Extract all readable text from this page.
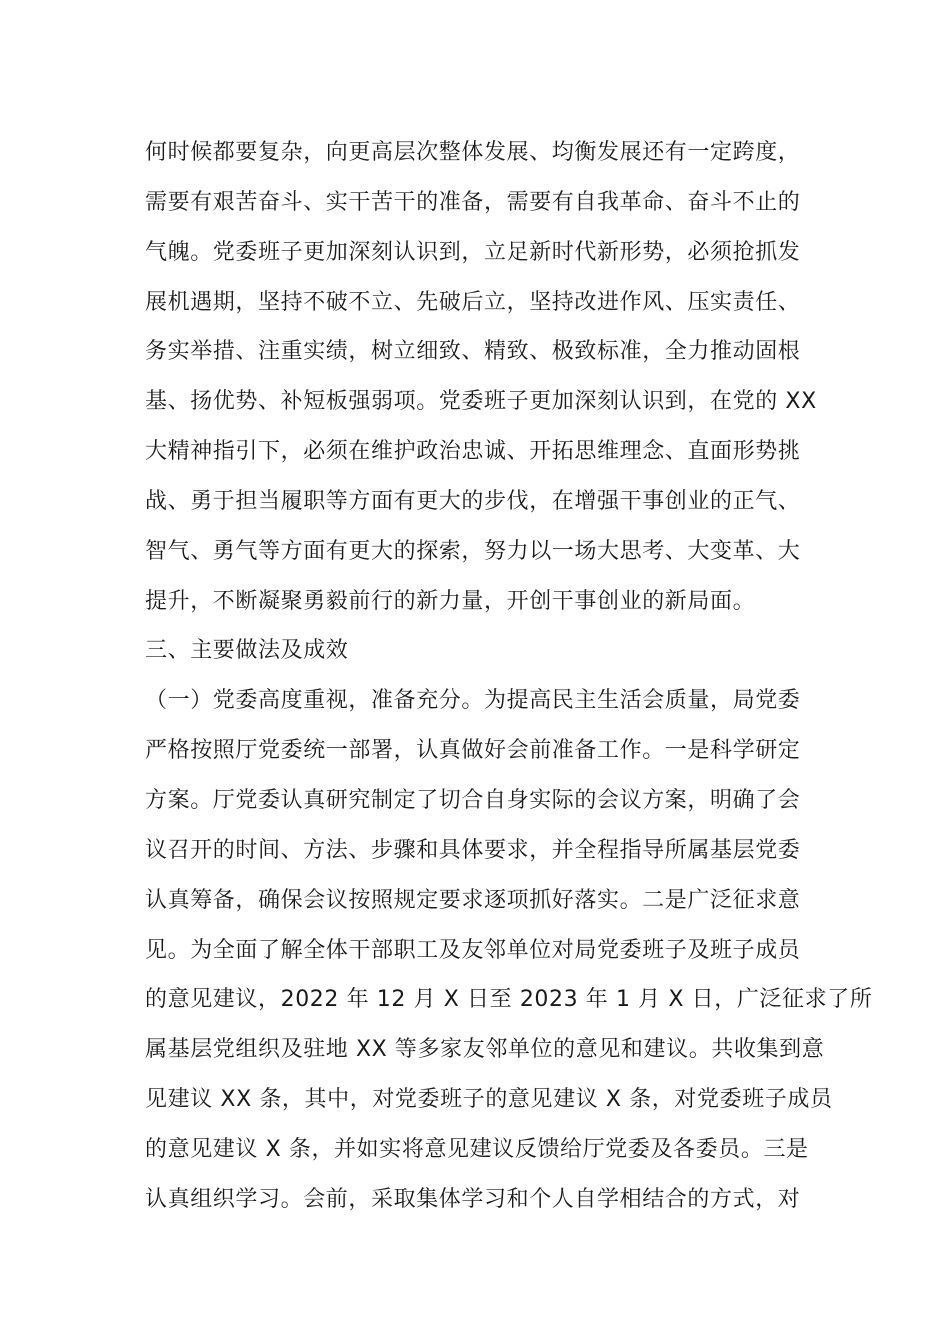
何时候都要复杂，向更高层次整体发展、均衡发展还有一定跨度，
需要有艰苦奋斗、实干苦干的准备，需要有自我革命、奋斗不止的
气魄。党委班子更加深刻认识到，立足新时代新形势，必须抢抓发
展机遇期，坚持不破不立、先破后立，坚持改进作风、压实责任、
务实举措、注重实绩，树立细致、精致、极致标准，全力推动固根
基、扬优势、补短板强弱项。党委班子更加深刻认识到，在党的 XX
大精神指引下，必须在维护政治忠诚、开拓思维理念、直面形势挑
战、勇于担当履职等方面有更大的步伐，在增强干事创业的正气、
智气、勇气等方面有更大的探索，努力以一场大思考、大变革、大
提升，不断凝聚勇毅前行的新力量，开创干事创业的新局面。
三、主要做法及成效
（一）党委高度重视，准备充分。为提高民主生活会质量，局党委
严格按照厅党委统一部署，认真做好会前准备工作。一是科学研定
方案。厅党委认真研究制定了切合自身实际的会议方案，明确了会
议召开的时间、方法、步骤和具体要求，并全程指导所属基层党委
认真筹备，确保会议按照规定要求逐项抓好落实。二是广泛征求意
见。为全面了解全体干部职工及友邻单位对局党委班子及班子成员
的意见建议，2022 年 12 月 X 日至 2023 年 1 月 X 日，广泛征求了所
属基层党组织及驻地 XX 等多家友邻单位的意见和建议。共收集到意
见建议 XX 条，其中，对党委班子的意见建议 X 条，对党委班子成员
的意见建议 X 条，并如实将意见建议反馈给厅党委及各委员。三是
认真组织学习。会前，采取集体学习和个人自学相结合的方式，对
